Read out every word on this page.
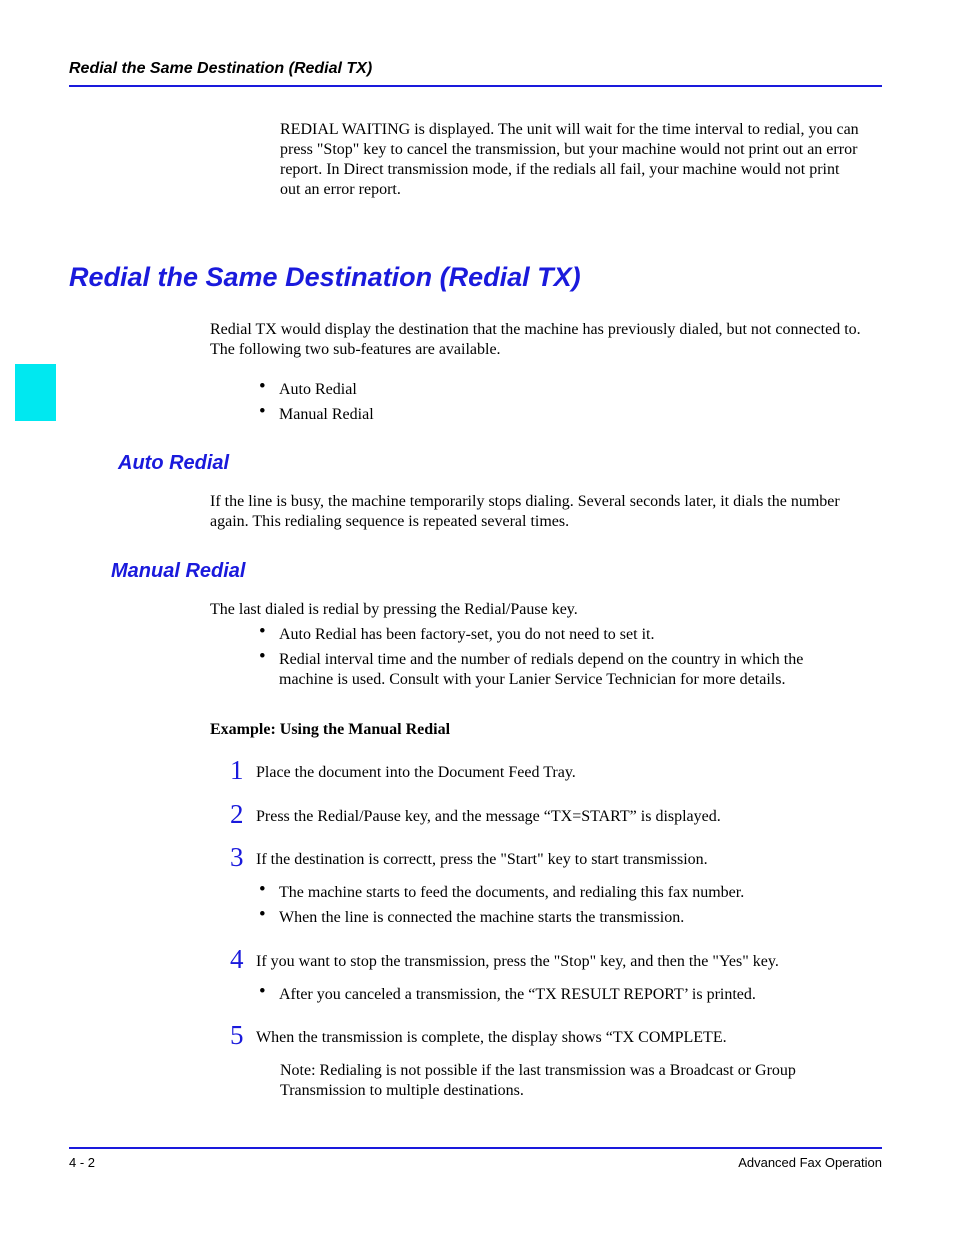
Redial the Same Destination (Redial TX)
REDIAL WAITING is displayed. The unit will wait for the time interval to redial, you can press "Stop" key to cancel the transmission, but your machine would not print out an error report. In Direct transmission mode, if the redials all fail, your machine would not print out an error report.
Redial the Same Destination (Redial TX)
Redial TX would display the destination that the machine has previously dialed, but not connected to. The following two sub-features are available.
• Auto Redial
• Manual Redial
Auto Redial
If the line is busy, the machine temporarily stops dialing. Several seconds later, it dials the number again. This redialing sequence is repeated several times.
Manual Redial
The last dialed is redial by pressing the Redial/Pause key.
• Auto Redial has been factory-set, you do not need to set it.
• Redial interval time and the number of redials depend on the country in which the machine is used. Consult with your Lanier Service Technician for more details.
Example: Using the Manual Redial
1 Place the document into the Document Feed Tray.
2 Press the Redial/Pause key, and the message “TX=START” is displayed.
3 If the destination is correctt, press the "Start" key to start transmission.
• The machine starts to feed the documents, and redialing this fax number.
• When the line is connected the machine starts the transmission.
4 If you want to stop the transmission, press the "Stop" key, and then the "Yes" key.
• After you canceled a transmission, the “TX RESULT REPORT’ is printed.
5 When the transmission is complete, the display shows “TX COMPLETE.
Note: Redialing is not possible if the last transmission was a Broadcast or Group Transmission to multiple destinations.
4 - 2	Advanced Fax Operation
